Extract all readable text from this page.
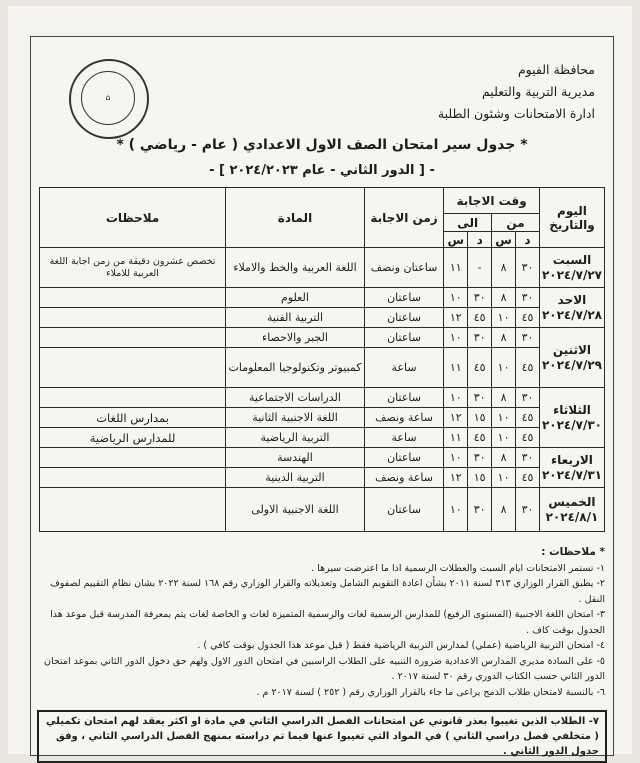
⌂
محافظة الفيوم
مديرية التربية والتعليم
ادارة الامتحانات وشئون الطلبة
* جدول سير امتحان الصف الاول الاعدادي ( عام - رياضي ) *
- [ الدور الثاني - عام ٢٠٢٤/٢٠٢٣ ] -
اليوم والتاريخ	وقت الاجابة				زمن الاجابة	المادة	ملاحظات
	من		الى				
	د	س	د	س			

السبت
٢٠٢٤/٧/٢٧	٣٠	٨	-	١١	ساعتان ونصف	اللغة العربية والخط والاملاء	تخصص عشرون دقيقة من زمن اجابة اللغة العربية للاملاء

الاحد
٢٠٢٤/٧/٢٨	٣٠	٨	٣٠	١٠	ساعتان	العلوم	
	٤٥	١٠	٤٥	١٢	ساعتان	التربية الفنية	

الاثنين
٢٠٢٤/٧/٢٩	٣٠	٨	٣٠	١٠	ساعتان	الجبر والاحصاء	
	٤٥	١٠	٤٥	١١	ساعة	كمبيوتر وتكنولوجيا المعلومات	

الثلاثاء
٢٠٢٤/٧/٣٠	٣٠	٨	٣٠	١٠	ساعتان	الدراسات الاجتماعية	
	٤٥	١٠	١٥	١٢	ساعة ونصف	اللغة الاجنبية الثانية	بمدارس اللغات
	٤٥	١٠	٤٥	١١	ساعة	التربية الرياضية	للمدارس الرياضية

الاربعاء
٢٠٢٤/٧/٣١	٣٠	٨	٣٠	١٠	ساعتان	الهندسة	
	٤٥	١٠	١٥	١٢	ساعة ونصف	التربية الدينية	

الخميس
٢٠٢٤/٨/١	٣٠	٨	٣٠	١٠	ساعتان	اللغة الاجنبية الاولى	

* ملاحظات :

١- تستمر الامتحانات ايام السبت والعطلات الرسمية اذا ما اعترضت سيرها .

٢- يطبق القرار الوزاري ٣١٣ لسنة ٢٠١١ بشأن اعادة التقويم الشامل وتعديلاته والقرار الوزاري رقم ١٦٨ لسنة ٢٠٢٢ بشان نظام التقييم لصفوف النقل .

٣- امتحان اللغة الاجنبية (المستوى الرفيع) للمدارس الرسمية لغات والرسمية المتميزة لغات و الخاصة لغات يتم بمعرفة المدرسة قبل موعد هذا الجدول بوقت كاف .

٤- امتحان التربية الرياضية (عملي) لمدارس التربية الرياضية فقط ( قبل موعد هذا الجدول بوقت كافي ) .

٥- على السادة مديري المدارس الاعدادية ضرورة التنبيه على الطلاب الراسبين في امتحان الدور الاول ولهم حق دخول الدور الثاني بموعد امتحان الدور الثاني حسب الكتاب الدوري رقم ٣٠ لسنة ٢٠١٧ .

٦- بالنسبة لامتحان طلاب الدمج يراعى ما جاء بالقرار الوزاري رقم ( ٢٥٢ ) لسنة ٢٠١٧ م .

٧- الطلاب الذين تغيبوا بعذر قانوني عن امتحانات الفصل الدراسي الثاني في مادة او اكثر يعقد لهم امتحان تكميلي ( متخلفي فصل دراسي الثاني ) في المواد التي تغيبوا عنها فيما تم دراسته بمنهج الفصل الدراسي الثاني ، وفق جدول الدور الثاني .
